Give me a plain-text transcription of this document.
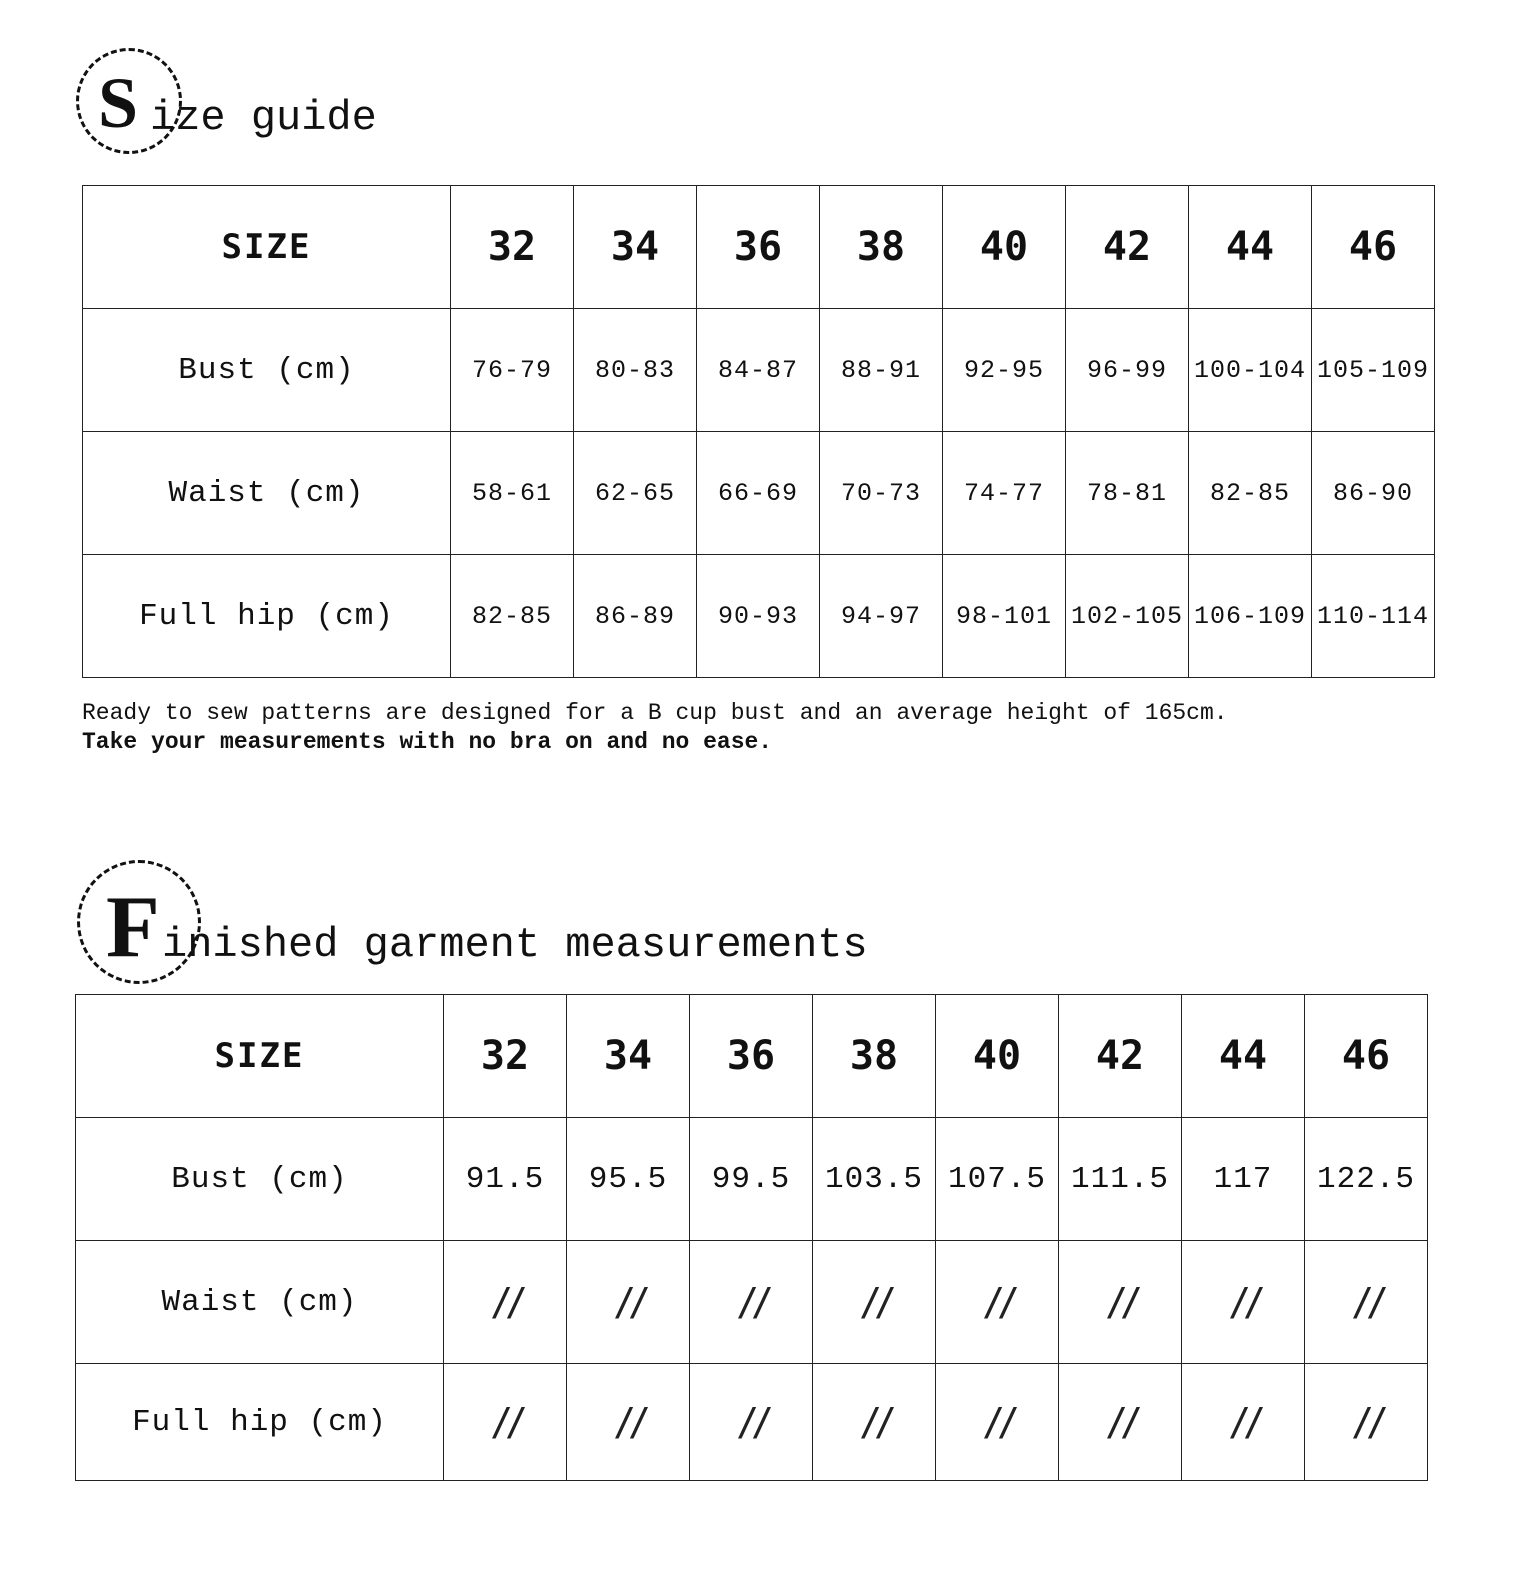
S ize guide
SIZE	32	34	36	38	40	42	44	46
Bust (cm)	76-79	80-83	84-87	88-91	92-95	96-99	100-104	105-109
Waist (cm)	58-61	62-65	66-69	70-73	74-77	78-81	82-85	86-90
Full hip (cm)	82-85	86-89	90-93	94-97	98-101	102-105	106-109	110-114
Ready to sew patterns are designed for a B cup bust and an average height of 165cm.
Take your measurements with no bra on and no ease.
F inished garment measurements
SIZE	32	34	36	38	40	42	44	46
Bust (cm)	91.5	95.5	99.5	103.5	107.5	111.5	117	122.5
Waist (cm)	//	//	//	//	//	//	//	//
Full hip (cm)	//	//	//	//	//	//	//	//
